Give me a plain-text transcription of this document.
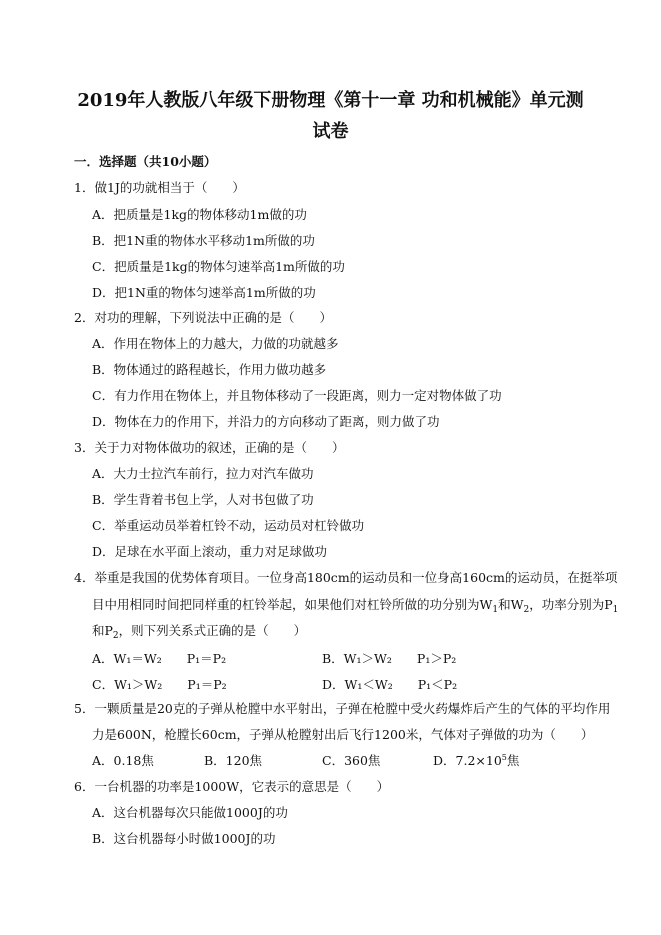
2019年人教版八年级下册物理《第十一章 功和机械能》单元测
试卷
一．选择题（共10小题）
1．做1J的功就相当于（　　）
A．把质量是1kg的物体移动1m做的功
B．把1N重的物体水平移动1m所做的功
C．把质量是1kg的物体匀速举高1m所做的功
D．把1N重的物体匀速举高1m所做的功
2．对功的理解，下列说法中正确的是（　　）
A．作用在物体上的力越大，力做的功就越多
B．物体通过的路程越长，作用力做功越多
C．有力作用在物体上，并且物体移动了一段距离，则力一定对物体做了功
D．物体在力的作用下，并沿力的方向移动了距离，则力做了功
3．关于力对物体做功的叙述，正确的是（　　）
A．大力士拉汽车前行，拉力对汽车做功
B．学生背着书包上学，人对书包做了功
C．举重运动员举着杠铃不动，运动员对杠铃做功
D．足球在水平面上滚动，重力对足球做功
4．举重是我国的优势体育项目。一位身高180cm的运动员和一位身高160cm的运动员，在挺举项
目中用相同时间把同样重的杠铃举起，如果他们对杠铃所做的功分别为$W_1$和$W_2$，功率分别为$P_1$
和$P_2$，则下列关系式正确的是（　　）
A．W₁＝W₂　　P₁＝P₂	B．W₁＞W₂　　P₁＞P₂
C．W₁＞W₂　　P₁＝P₂	D．W₁＜W₂　　P₁＜P₂
5．一颗质量是20克的子弹从枪膛中水平射出，子弹在枪膛中受火药爆炸后产生的气体的平均作用
力是600N，枪膛长60cm，子弹从枪膛射出后飞行1200米，气体对子弹做的功为（　　）
A．0.18焦	B．120焦	C．360焦	D．$7.2\times 10^5$焦
6．一台机器的功率是1000W，它表示的意思是（　　）
A．这台机器每次只能做1000J的功
B．这台机器每小时做1000J的功
